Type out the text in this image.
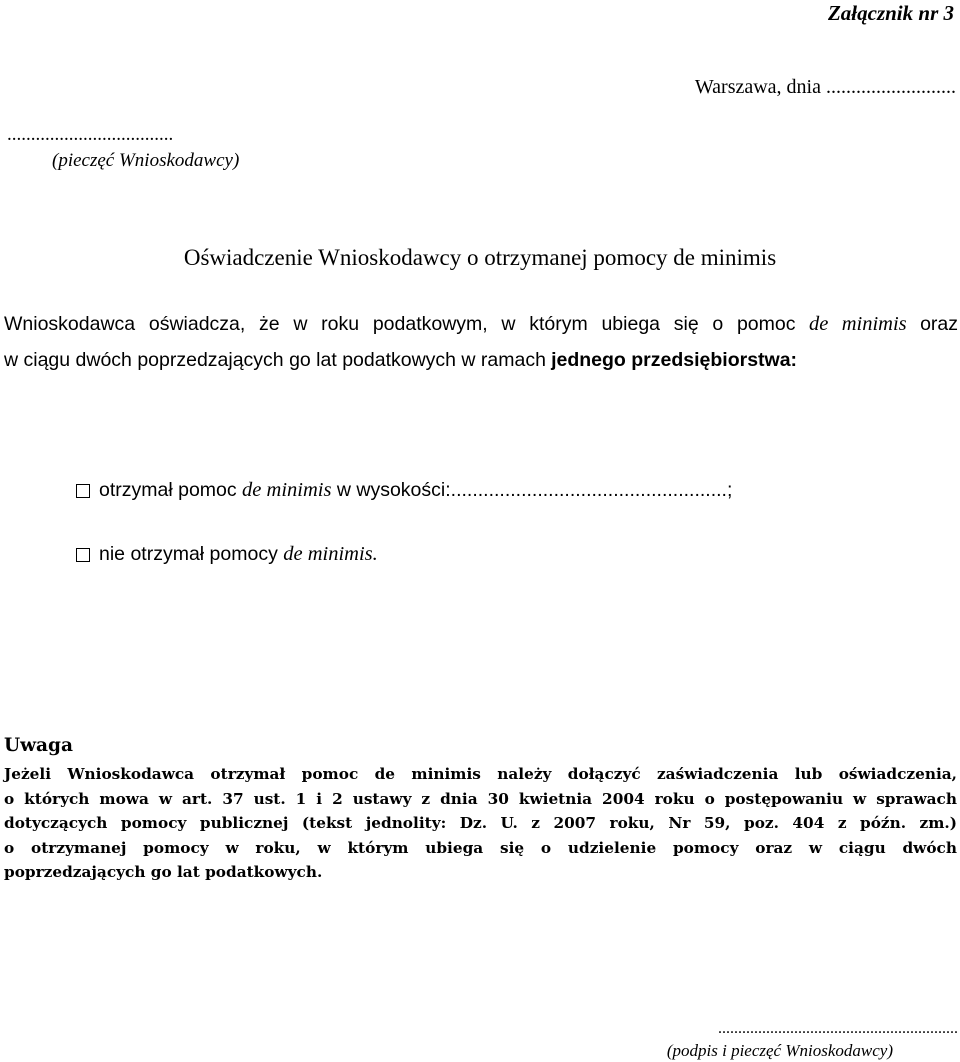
Załącznik nr 3
Warszawa, dnia ..........................
...................................
(pieczęć Wnioskodawcy)
Oświadczenie Wnioskodawcy o otrzymanej pomocy de minimis
Wnioskodawca oświadcza, że w roku podatkowym, w którym ubiega się o pomoc de minimis oraz
w ciągu dwóch poprzedzających go lat podatkowych w ramach jednego przedsiębiorstwa:
otrzymał pomoc
de minimis
w wysokości: ...................................................;
nie otrzymał pomocy
de minimis.
Uwaga
Jeżeli Wnioskodawca otrzymał pomoc de minimis należy dołączyć zaświadczenia lub oświadczenia,
o których mowa w art. 37 ust. 1 i 2 ustawy z dnia 30 kwietnia 2004 roku o postępowaniu w sprawach
dotyczących pomocy publicznej (tekst jednolity: Dz. U. z 2007 roku, Nr 59, poz. 404 z późn. zm.)
o otrzymanej pomocy w roku, w którym ubiega się o udzielenie pomocy oraz w ciągu dwóch
poprzedzających go lat podatkowych.
............................................................
(podpis i pieczęć Wnioskodawcy)
